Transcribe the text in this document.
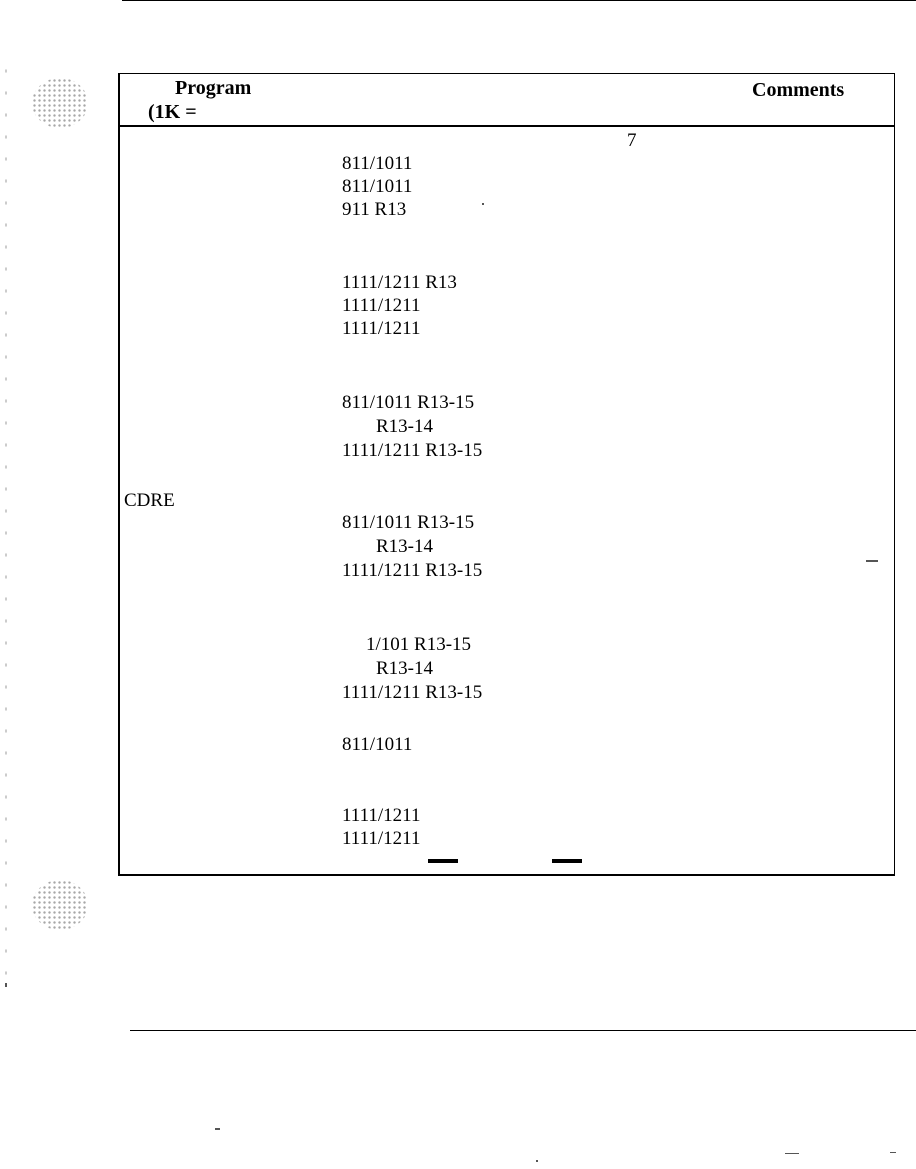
Program
(1K =
Comments
7
CDRE
811/1011
811/1011
911 R13
1111/1211 R13
1111/1211
1111/1211
811/1011 R13-15
R13-14
1111/1211 R13-15
811/1011 R13-15
R13-14
1111/1211 R13-15
1/101 R13-15
R13-14
1111/1211 R13-15
811/1011
1111/1211
1111/1211
